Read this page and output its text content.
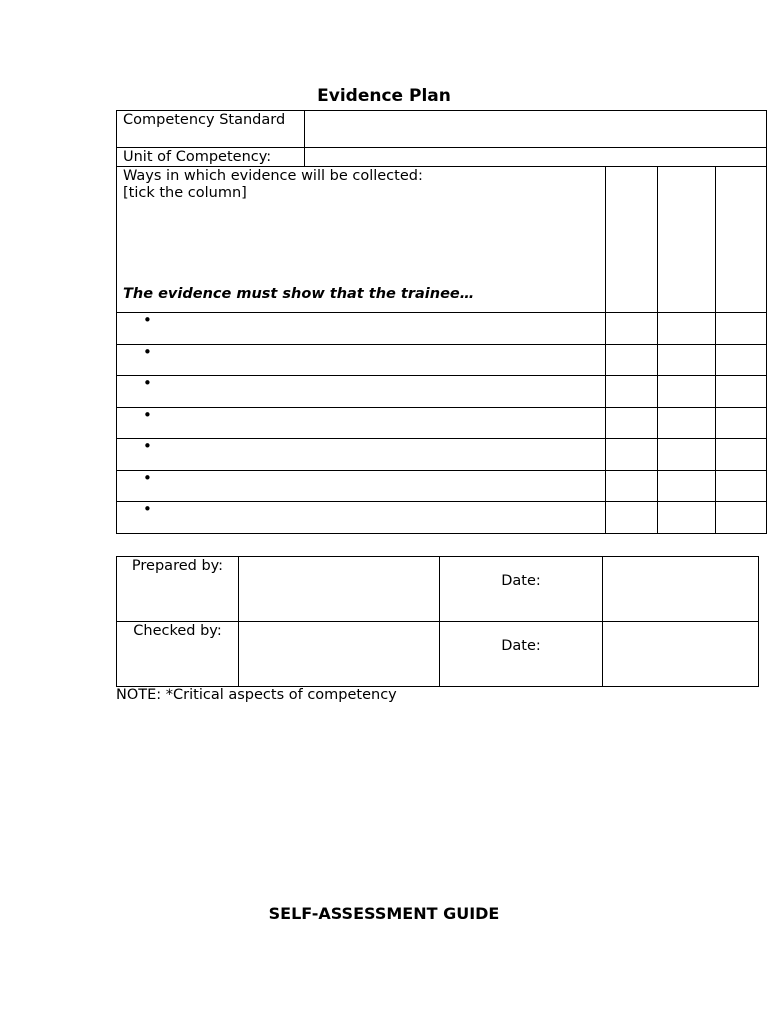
Evidence Plan
Competency Standard				
Unit of Competency:				

Ways in which evidence will be collected:
[tick the column]
The evidence must show that the trainee…				

•				
•				
•				
•				
•				
•				
•				
Prepared by:		Date:	
Checked by:		Date:	
NOTE: *Critical aspects of competency
SELF-ASSESSMENT GUIDE
